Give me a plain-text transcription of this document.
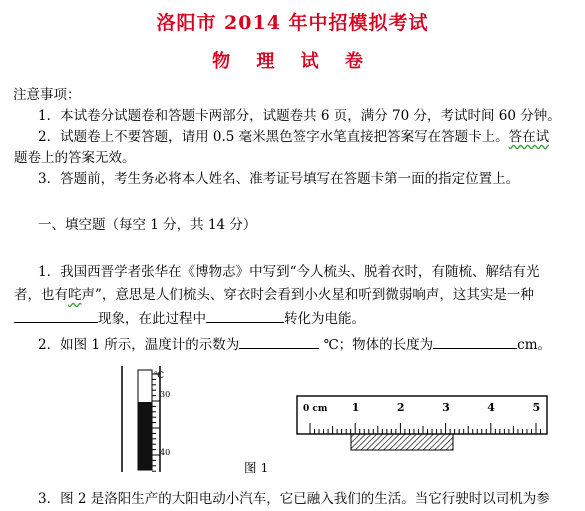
洛阳市 2014 年中招模拟考试
物 理 试 卷
注意事项：
1．本试卷分试题卷和答题卡两部分，试题卷共 6 页，满分 70 分，考试时间 60 分钟。
2．试题卷上不要答题，请用 0.5 毫米黑色签字水笔直接把答案写在答题卡上。答在试
题卷上的答案无效。
3．答题前，考生务必将本人姓名、准考证号填写在答题卡第一面的指定位置上。
一、填空题（每空 1 分，共 14 分）
1．我国西晋学者张华在《博物志》中写到“今人梳头、脱着衣时，有随梳、解结有光
者，也有咤声”，意思是人们梳头、穿衣时会看到小火星和听到微弱响声，这其实是一种
现象，在此过程中	转化为电能。
2．如图 1 所示，温度计的示数为	℃；物体的长度为	cm。
℃
30
40
0 cm 1	2	3	4	5
图 1
3．图 2 是洛阳生产的大阳电动小汽车，它已融入我们的生活。当它行驶时以司机为参
